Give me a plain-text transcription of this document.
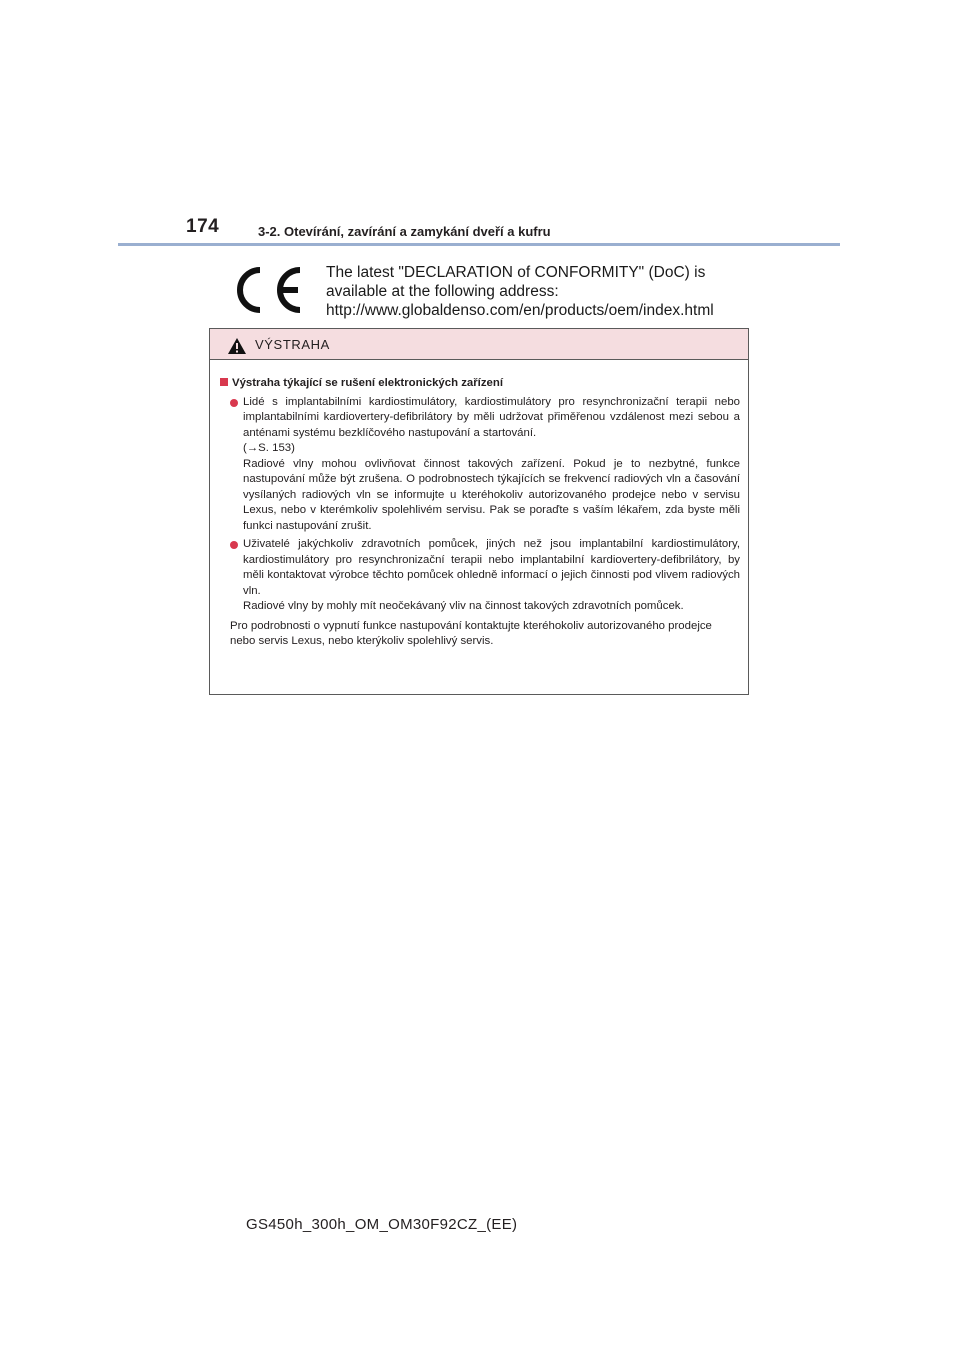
174	3-2. Otevírání, zavírání a zamykání dveří a kufru
The latest "DECLARATION of CONFORMITY" (DoC) is
available at the following address:
http://www.globaldenso.com/en/products/oem/index.html
VÝSTRAHA
Výstraha týkající se rušení elektronických zařízení

Lidé s implantabilními kardiostimulátory, kardiostimulátory pro resynchronizační terapii nebo implantabilními kardiovertery-defibrilátory by měli udržovat přiměřenou vzdálenost mezi sebou a anténami systému bezklíčového nastupování a startování.

(→S. 153)

Radiové vlny mohou ovlivňovat činnost takových zařízení. Pokud je to nezbytné, funkce nastupování může být zrušena. O podrobnostech týkajících se frekvencí radiových vln a časování vysílaných radiových vln se informujte u kteréhokoliv autorizovaného prodejce nebo v servisu Lexus, nebo v kterémkoliv spolehlivém servisu. Pak se poraďte s vaším lékařem, zda byste měli funkci nastupování zrušit.

Uživatelé jakýchkoliv zdravotních pomůcek, jiných než jsou implantabilní kardiostimulátory, kardiostimulátory pro resynchronizační terapii nebo implantabilní kardiovertery-defibrilátory, by měli kontaktovat výrobce těchto pomůcek ohledně informací o jejich činnosti pod vlivem radiových vln.

Radiové vlny by mohly mít neočekávaný vliv na činnost takových zdravotních pomůcek.

Pro podrobnosti o vypnutí funkce nastupování kontaktujte kteréhokoliv autorizovaného prodejce nebo servis Lexus, nebo kterýkoliv spolehlivý servis.

GS450h_300h_OM_OM30F92CZ_(EE)
